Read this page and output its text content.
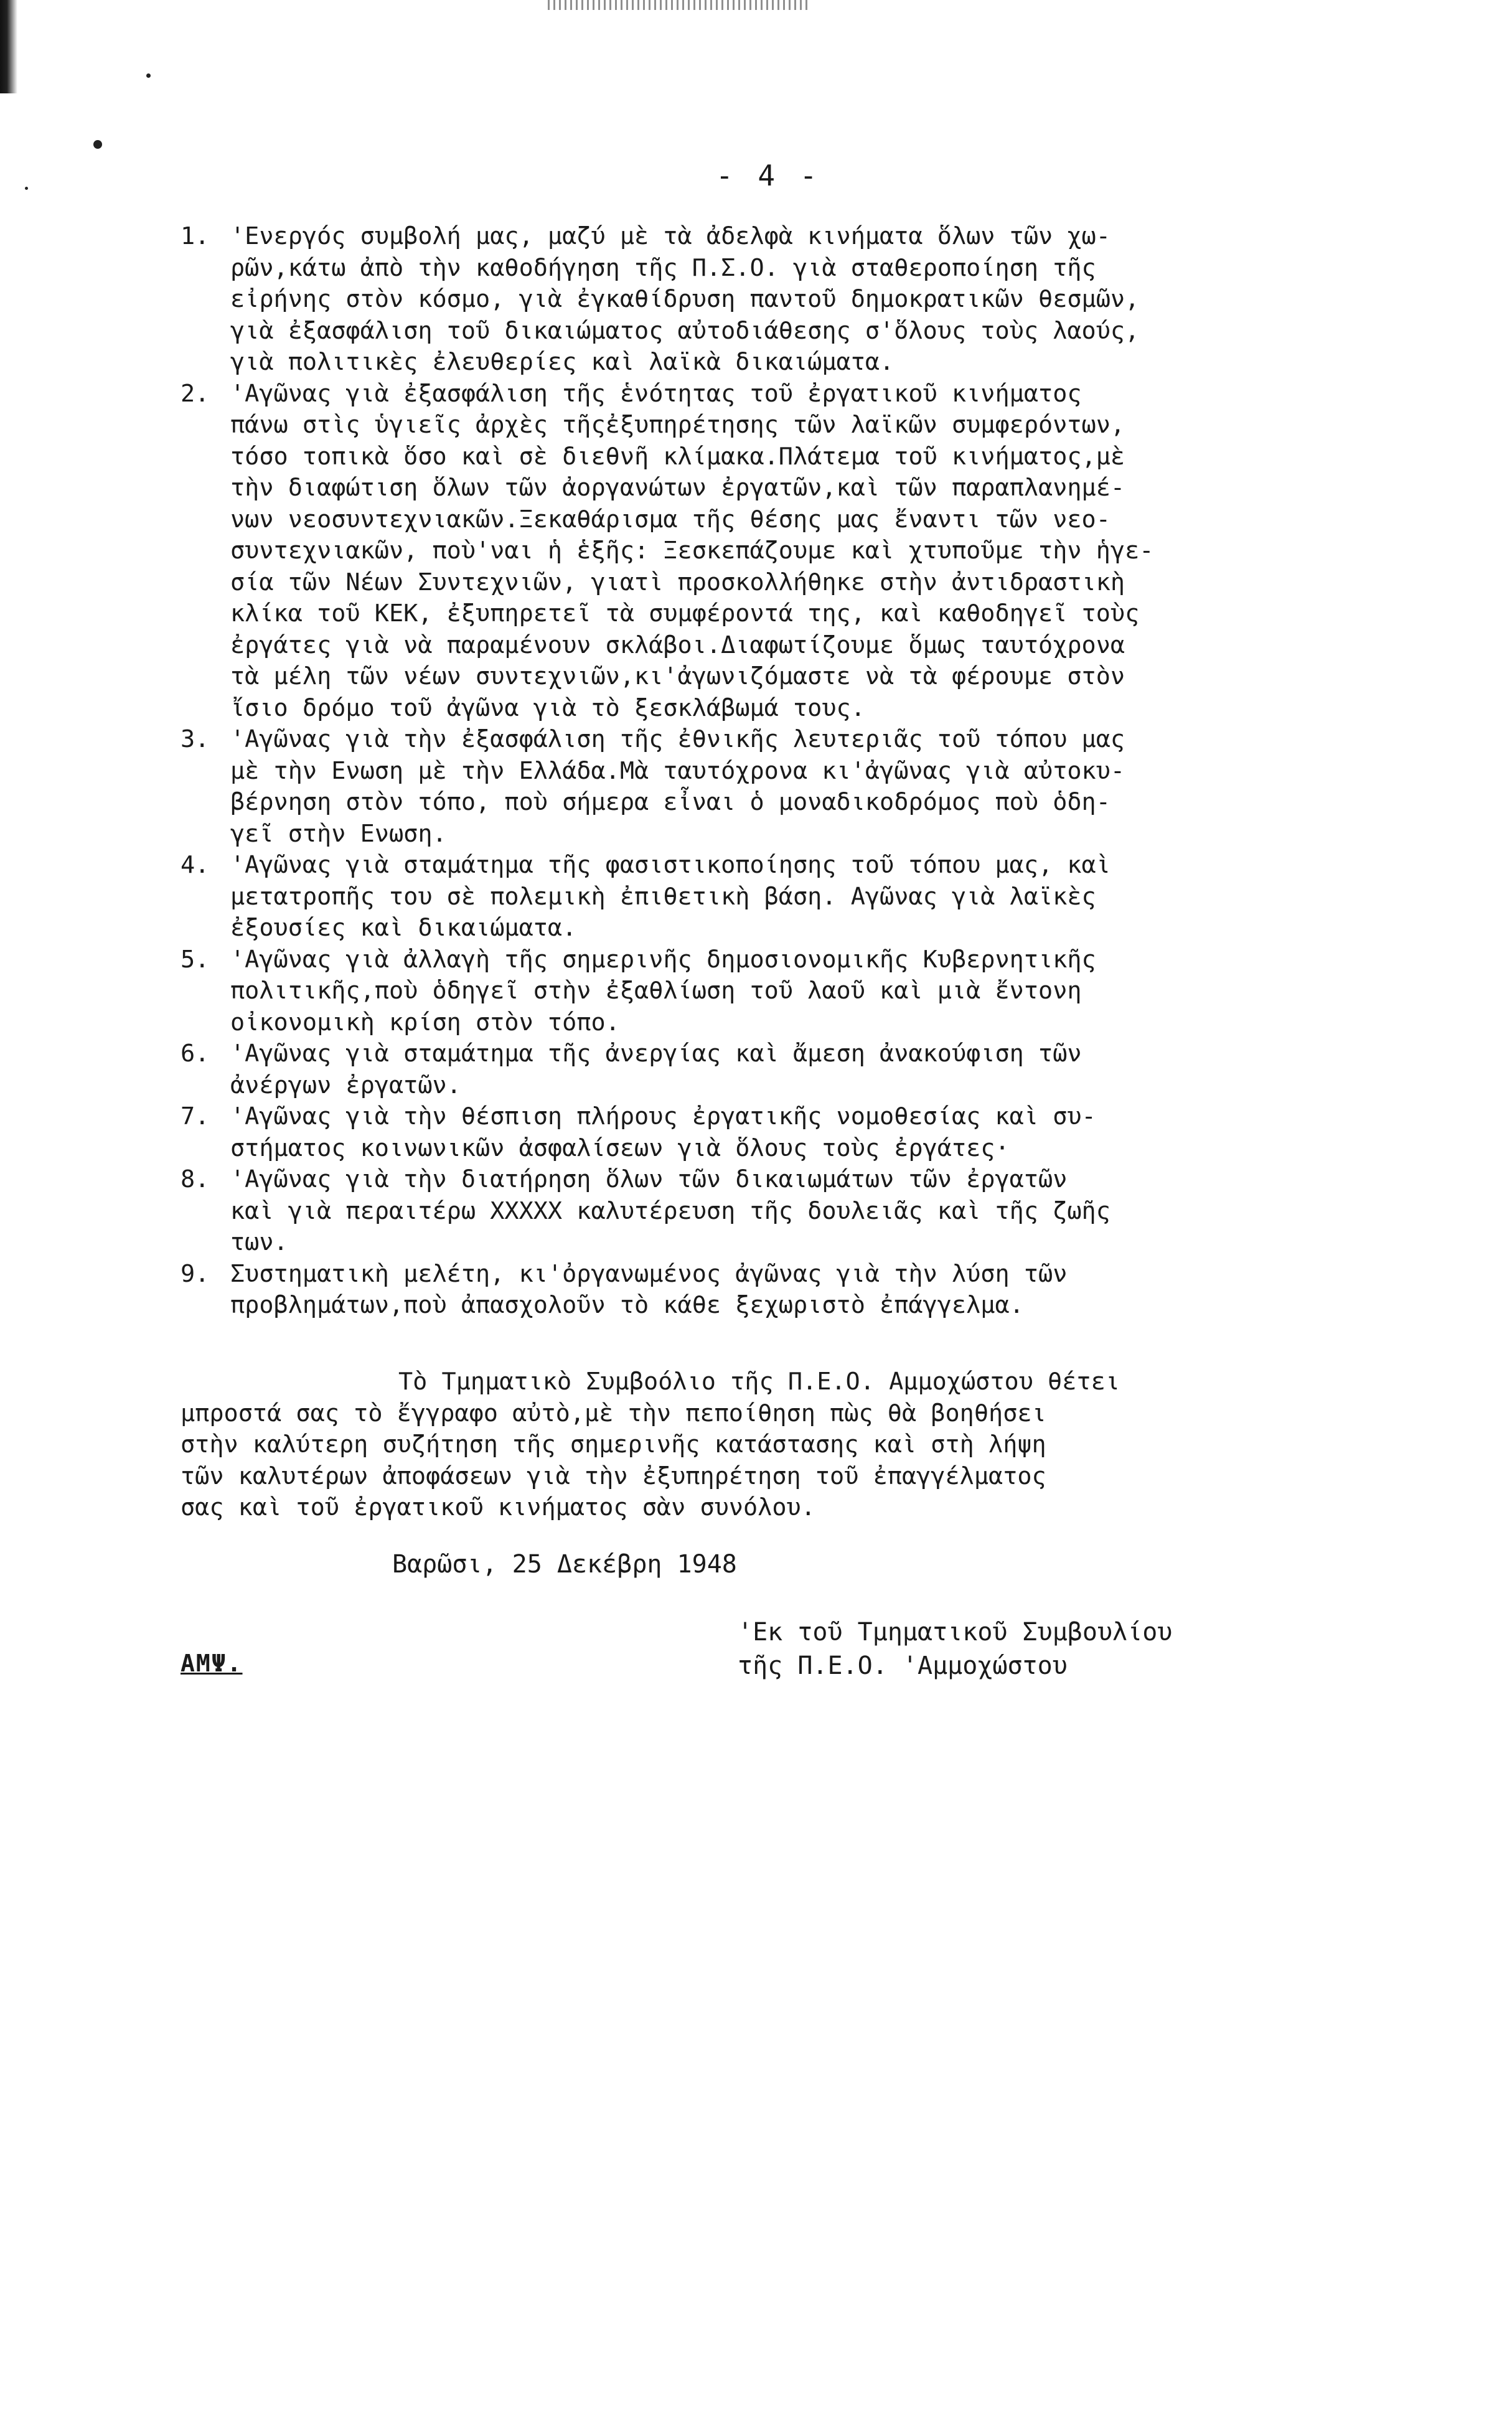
- 4 -
1. 'Ενεργός συμβολή μας, μαζύ μὲ τὰ ἀδελφὰ κινήματα ὅλων τῶν χω-
ρῶν,κάτω ἀπὸ τὴν καθοδήγηση τῆς Π.Σ.Ο. γιὰ σταθεροποίηση τῆς
εἰρήνης στὸν κόσμο, γιὰ ἐγκαθίδρυση παντοῦ δημοκρατικῶν θεσμῶν,
γιὰ ἐξασφάλιση τοῦ δικαιώματος αὐτοδιάθεσης σ'ὅλους τοὺς λαούς,
γιὰ πολιτικὲς ἐλευθερίες καὶ λαϊκὰ δικαιώματα.
2. 'Αγῶνας γιὰ ἐξασφάλιση τῆς ἑνότητας τοῦ ἐργατικοῦ κινήματος
πάνω στὶς ὑγιεῖς ἀρχὲς τῆςἐξυπηρέτησης τῶν λαϊκῶν συμφερόντων,
τόσο τοπικὰ ὅσο καὶ σὲ διεθνῆ κλίμακα.Πλάτεμα τοῦ κινήματος,μὲ
τὴν διαφώτιση ὅλων τῶν ἀοργανώτων ἐργατῶν,καὶ τῶν παραπλανημέ-
νων νεοσυντεχνιακῶν.Ξεκαθάρισμα τῆς θέσης μας ἔναντι τῶν νεο-
συντεχνιακῶν, ποὺ'ναι ἡ ἑξῆς: Ξεσκεπάζουμε καὶ χτυποῦμε τὴν ἡγε-
σία τῶν Νέων Συντεχνιῶν, γιατὶ προσκολλήθηκε στὴν ἀντιδραστικὴ
κλίκα τοῦ ΚΕΚ, ἐξυπηρετεῖ τὰ συμφέροντά της, καὶ καθοδηγεῖ τοὺς
ἐργάτες γιὰ νὰ παραμένουν σκλάβοι.Διαφωτίζουμε ὅμως ταυτόχρονα
τὰ μέλη τῶν νέων συντεχνιῶν,κι'ἀγωνιζόμαστε νὰ τὰ φέρουμε στὸν
ἴσιο δρόμο τοῦ ἀγῶνα γιὰ τὸ ξεσκλάβωμά τους.
3. 'Αγῶνας γιὰ τὴν ἐξασφάλιση τῆς ἐθνικῆς λευτεριᾶς τοῦ τόπου μας
μὲ τὴν Ενωση μὲ τὴν Ελλάδα.Μὰ ταυτόχρονα κι'ἀγῶνας γιὰ αὐτοκυ-
βέρνηση στὸν τόπο, ποὺ σήμερα εἶναι ὁ μοναδικοδρόμος ποὺ ὁδη-
γεῖ στὴν Ενωση.
4. 'Αγῶνας γιὰ σταμάτημα τῆς φασιστικοποίησης τοῦ τόπου μας, καὶ
μετατροπῆς του σὲ πολεμικὴ ἐπιθετικὴ βάση. Αγῶνας γιὰ λαϊκὲς
ἐξουσίες καὶ δικαιώματα.
5. 'Αγῶνας γιὰ ἀλλαγὴ τῆς σημερινῆς δημοσιονομικῆς Κυβερνητικῆς
πολιτικῆς,ποὺ ὁδηγεῖ στὴν ἐξαθλίωση τοῦ λαοῦ καὶ μιὰ ἔντονη
οἰκονομικὴ κρίση στὸν τόπο.
6. 'Αγῶνας γιὰ σταμάτημα τῆς ἀνεργίας καὶ ἄμεση ἀνακούφιση τῶν
ἀνέργων ἐργατῶν.
7. 'Αγῶνας γιὰ τὴν θέσπιση πλήρους ἐργατικῆς νομοθεσίας καὶ συ-
στήματος κοινωνικῶν ἀσφαλίσεων γιὰ ὅλους τοὺς ἐργάτες·
8. 'Αγῶνας γιὰ τὴν διατήρηση ὅλων τῶν δικαιωμάτων τῶν ἐργατῶν
καὶ γιὰ περαιτέρω ΧΧΧΧΧ καλυτέρευση τῆς δουλειᾶς καὶ τῆς ζωῆς
των.
9. Συστηματικὴ μελέτη, κι'ὀργανωμένος ἀγῶνας γιὰ τὴν λύση τῶν
προβλημάτων,ποὺ ἀπασχολοῦν τὸ κάθε ξεχωριστὸ ἐπάγγελμα.
Τὸ Τμηματικὸ Συμβοόλιο τῆς Π.Ε.Ο. Αμμοχώστου θέτει
μπροστά σας τὸ ἔγγραφο αὐτὸ,μὲ τὴν πεποίθηση πὼς θὰ βοηθήσει
στὴν καλύτερη συζήτηση τῆς σημερινῆς κατάστασης καὶ στὴ λήψη
τῶν καλυτέρων ἀποφάσεων γιὰ τὴν ἐξυπηρέτηση τοῦ ἐπαγγέλματος
σας καὶ τοῦ ἐργατικοῦ κινήματος σὰν συνόλου.
Βαρῶσι, 25 Δεκέβρη 1948
'Εκ τοῦ Τμηματικοῦ Συμβουλίου
τῆς Π.Ε.Ο. 'Αμμοχώστου
ΑΜΨ.
